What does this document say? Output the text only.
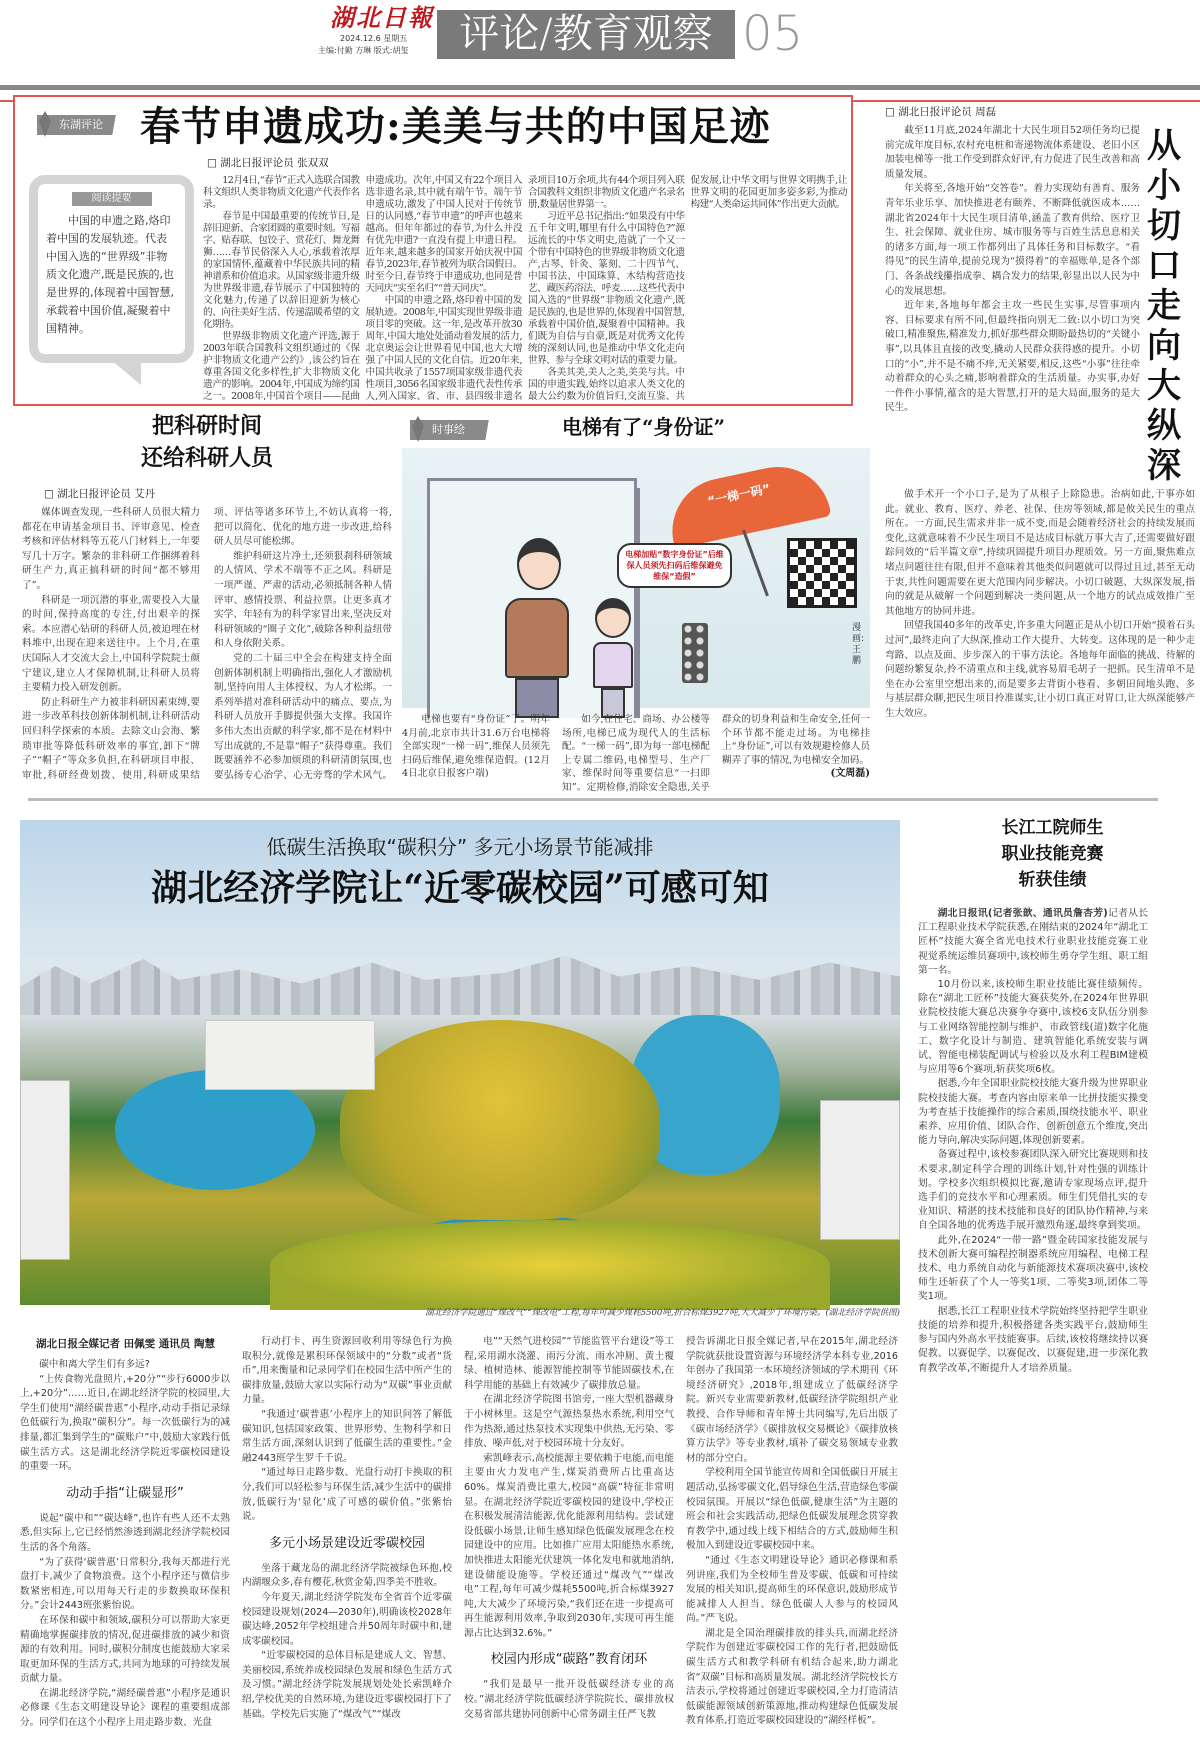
湖北日報
2024.12.6 星期五
主编:付勤 方琳 版式:胡玺	评论/教育观察 05
东湖评论 春节申遗成功:美美与共的中国足迹
阅读提要
中国的申遗之路,烙印着中国的发展轨迹。代表中国入选的“世界级”非物质文化遗产,既是民族的,也是世界的,体现着中国智慧,承载着中国价值,凝聚着中国精神。
□ 湖北日报评论员 张双双

12月4日,“春节”正式入选联合国教科文组织人类非物质文化遗产代表作名录。

春节是中国最重要的传统节日,是辞旧迎新、合家团圆的重要时刻。写福字、贴春联、包饺子、赏花灯、舞龙舞狮……春节民俗深入人心,承载着浓厚的家国情怀,蕴藏着中华民族共同的精神谱系和价值追求。从国家级非遗升级为世界级非遗,春节展示了中国独特的文化魅力,传递了以辞旧迎新为核心的、向往美好生活、传递温暖希望的文化期待。

世界级非物质文化遗产评选,源于2003年联合国教科文组织通过的《保护非物质文化遗产公约》,该公约旨在尊重各国文化多样性,扩大非物质文化遗产的影响。2004年,中国成为缔约国之一。2008年,中国首个项目——昆曲申遗成功。次年,中国又有22个项目入选非遗名录,其中就有端午节。端午节申遗成功,激发了中国人民对于传统节日的认同感,“春节申遗”的呼声也越来越高。但年年都过的春节,为什么并没有优先申遗?一直没有提上申遗日程。近年来,越来越多的国家开始庆祝中国春节,2023年,春节被列为联合国假日。时至今日,春节终于申遗成功,也同是普天同庆“实至名归”“普天同庆”。

中国的申遗之路,烙印着中国的发展轨迹。2008年,中国实现世界级非遗项目零的突破。这一年,是改革开放30周年,中国大地处处涌动着发展的活力,北京奥运会让世界看见中国,也大大增强了中国人民的文化自信。近20年来,中国共收录了1557项国家级非遗代表性项目,3056名国家级非遗代表性传承人,列入国家、省、市、县四级非遗名录项目10万余项,共有44个项目列入联合国教科文组织非物质文化遗产名录名册,数量居世界第一。

习近平总书记指出:“如果没有中华五千年文明,哪里有什么中国特色?”源远流长的中华文明史,造就了一个又一个带有中国特色的世界级非物质文化遗产,古琴、针灸、篆刻、二十四节气、中国书法、中国珠算、木结构营造技艺、藏医药浴法、呼麦……这些代表中国入选的“世界级”非物质文化遗产,既是民族的,也是世界的,体现着中国智慧,承载着中国价值,凝聚着中国精神。我们既为自信与自豪,既是对优秀文化传统的深刻认同,也是推动中华文化走向世界、参与全球文明对话的重要力量。

各美其美,美人之美,美美与共。中国的申遗实践,始终以追求人类文化的最大公约数为价值旨归,交流互鉴、共促发展,让中华文明与世界文明携手,让世界文明的花园更加多姿多彩,为推动构建“人类命运共同体”作出更大贡献。

□ 湖北日报评论员 周磊
从小切口走向大纵深

截至11月底,2024年湖北十大民生项目52项任务均已提前完成年度目标,农村充电桩和寄递物流体系建设、老旧小区加装电梯等一批工作受到群众好评,有力促进了民生改善和高质量发展。

年关将至,各地开始“交答卷”。着力实现幼有善育、服务青年乐业乐享、加快推进老有颐养、不断降低就医成本……湖北省2024年十大民生项目清单,涵盖了教育供给、医疗卫生、社会保障、就业住房、城市服务等与百姓生活息息相关的诸多方面,每一项工作都列出了具体任务和目标数字。“看得见”的民生清单,提前兑现为“摸得着”的幸福账单,是各个部门、各条战线攥指成拳、耦合发力的结果,彰显出以人民为中心的发展思想。

近年来,各地每年都会主攻一些民生实事,尽管事项内容、目标要求有所不同,但最终指向别无二致:以小切口为突破口,精准聚焦,精准发力,抓好那些群众期盼最热切的“关键小事”,以具体且直接的改变,撬动人民群众获得感的提升。小切口的“小”,并不是不痛不痒,无关紧要,相反,这些“小事”往往牵动着群众的心头之痛,影响着群众的生活质量。办实事,办好一件件小事情,蕴含的是大智慧,打开的是大局面,服务的是大民生。

做手术开一个小口子,是为了从根子上除隐患。治病如此,干事亦如此。就业、教育、医疗、养老、社保、住房等领域,都是攸关民生的重点所在。一方面,民生需求并非一成不变,而是会随着经济社会的持续发展而变化,这就意味着不少民生项目不是达成目标就万事大吉了,还需要做好跟踪问效的“后半篇文章”,持续巩固提升项目办理质效。另一方面,聚焦难点堵点问题往往有限,但并不意味着其他类似问题就可以得过且过,甚至无动于衷,共性问题需要在更大范围内同步解决。小切口破题、大纵深发展,指向的就是从破解一个问题到解决一类问题,从一个地方的试点成效推广至其他地方的协同并进。

回望我国40多年的改革史,许多重大问题正是从小切口开始“摸着石头过河”,最终走向了大纵深,推动工作大提升、大转变。这体现的是一种少走弯路、以点及面、步步深入的干事方法论。各地每年面临的挑战、待解的问题纷繁复杂,拎不清重点和主线,就容易眉毛胡子一把抓。民生清单不是坐在办公室里空想出来的,而是要多去背街小巷看、多朝田间地头跑、多与基层群众聊,把民生项目拎准谋实,让小切口真正对胃口,让大纵深能够产生大效应。

把科研时间
还给科研人员
□ 湖北日报评论员 艾丹

媒体调查发现,一些科研人员很大精力都花在申请基金项目书、评审意见、检查考核和评估材料等五花八门材料上,一年要写几十万字。繁杂的非科研工作捆绑着科研生产力,真正搞科研的时间“都不够用了”。

科研是一项沉潜的事业,需要投入大量的时间,保持高度的专注,付出艰辛的探索。本应潜心钻研的科研人员,被迫埋在材料堆中,出现在迎来送往中。上个月,在重庆国际人才交流大会上,中国科学院院士颜宁建议,建立人才保障机制,让科研人员将主要精力投入研发创新。

防止科研生产力被非科研因素束缚,要进一步改革科技创新体制机制,让科研活动回归科学探索的本质。去除文山会海、繁琐审批等降低科研效率的事宜,卸下“牌子”“帽子”等众多负担,在科研项目申报、审批,科研经费划拨、使用,科研成果结项、评估等诸多环节上,不妨认真将一将,把可以简化、优化的地方进一步改进,给科研人员尽可能松绑。

维护科研这片净土,还须狠刹科研领域的人情风、学术不端等不正之风。科研是一项严谨、严肃的活动,必须抵制各种人情评审、感情投票、利益拉票。让更多真才实学、年轻有为的科学家冒出来,坚决反对科研领域的“圈子文化”,破除各种利益纽带和人身依附关系。

党的二十届三中全会在构建支持全面创新体制机制上明确指出,强化人才激励机制,坚持向用人主体授权、为人才松绑。一系列举措对准科研活动中的痛点、要点,为科研人员放开手脚提供强大支撑。我国许多伟大杰出贡献的科学家,都不是在材料中写出成就的,不是靠“帽子”获得尊重。我们既要涵养不必参加烦琐的科研清朗氛围,也要弘扬专心治学、心无旁骛的学术风气。

时事绘	电梯有了“身份证”
“一梯一码”
电梯加贴“数字身份证”后维保人员须先扫码后维保避免维保“造假”
漫画:王鹏

电梯也要有“身份证”了。明年4月前,北京市共计31.6万台电梯将全部实现“一梯一码”,维保人员须先扫码后维保,避免维保造假。(12月4日北京日报客户端)

如今,在住宅、商场、办公楼等场所,电梯已成为现代人的生活标配。“一梯一码”,即为每一部电梯配上专属二维码,电梯型号、生产厂家、维保时间等重要信息“一扫即知”。定期检修,消除安全隐患,关乎群众的切身利益和生命安全,任何一个环节都不能走过场。为电梯挂上“身份证”,可以有效规避检修人员糊弄了事的情况,为电梯安全加码。

(文周磊)
低碳生活换取“碳积分” 多元小场景节能减排
湖北经济学院让“近零碳校园”可感可知
湖北经济学院通过“煤改气”“煤改电”工程,每年可减少煤耗5500吨,折合标煤3927吨,大大减少了环境污染。(湖北经济学院供图)
湖北日报全媒记者 田佩雯 通讯员 陶慧

碳中和离大学生们有多远?

“上传食物光盘照片,+20分”“步行6000步以上,+20分”……近日,在湖北经济学院的校园里,大学生们使用“湖经碳普惠”小程序,动动手指记录绿色低碳行为,换取“碳积分”。每一次低碳行为的减排量,都汇集到学生的“碳账户”中,鼓励大家践行低碳生活方式。这是湖北经济学院近零碳校园建设的重要一环。

动动手指“让碳显形”

说起“碳中和”“碳达峰”,也许有些人还不太熟悉,但实际上,它已经悄然渗透到湖北经济学院校园生活的各个角落。

“为了获得‘碳普惠’日常积分,我每天都进行光盘打卡,减少了食物浪费。这个小程序还与微信步数紧密相连,可以用每天行走的步数换取环保积分。”会计2443班张紫怡说。

在环保和碳中和领域,碳积分可以帮助大家更精确地掌握碳排放的情况,促进碳排放的减少和资源的有效利用。同时,碳积分制度也能鼓励大家采取更加环保的生活方式,共同为地球的可持续发展贡献力量。

在湖北经济学院,“湖经碳普惠”小程序是通识必修课《生态文明建设导论》课程的重要组成部分。同学们在这个小程序上用走路步数、光盘

行动打卡、再生资源回收利用等绿色行为换取积分,就像是累积环保领域中的“分数”或者“货币”,用来衡量和记录同学们在校园生活中所产生的碳排放量,鼓励大家以实际行动为“双碳”事业贡献力量。

“我通过‘碳普惠’小程序上的知识问答了解低碳知识,包括国家政策、世界形势、生物科学和日常生活方面,深刻认识到了低碳生活的重要性。”金融2443班学生罗千千说。

“通过每日走路步数、光盘行动打卡换取的积分,我们可以轻松参与环保生活,减少生活中的碳排放,低碳行为‘显化’成了可感的碳价值。”张紫怡说。

多元小场景建设近零碳校园

坐落于藏龙岛的湖北经济学院被绿色环抱,校内湖堰众多,春有樱花,秋赏金菊,四季美不胜收。

今年夏天,湖北经济学院发布全省首个近零碳校园建设规划(2024—2030年),明确该校2028年碳达峰,2052年学校组建合并50周年时碳中和,建成零碳校园。

“近零碳校园的总体目标是建成人文、智慧、美丽校园,系统养成校园绿色发展和绿色生活方式及习惯。”湖北经济学院发展规划处处长索凯峰介绍,学校优美的自然环境,为建设近零碳校园打下了基础。学校先后实施了“煤改气”“煤改

电”“天然气进校园”“节能监管平台建设”等工程,采用湖水浇灌、雨污分流、雨水冲厕、黄土覆绿、植树造林、能源智能控制等节能固碳技术,在科学用能的基础上有效减少了碳排放总量。

在湖北经济学院图书馆旁,一座大型机器藏身于小树林里。这是空气源热泵热水系统,利用空气作为热源,通过热泵技术实现集中供热,无污染、零排放、噪声低,对于校园环境十分友好。

索凯峰表示,高校能源主要依赖于电能,而电能主要由火力发电产生,煤炭消费所占比重高达60%。煤炭消费比重大,校园“高碳”特征非常明显。在湖北经济学院近零碳校园的建设中,学校正在积极发展清洁能源,优化能源利用结构。尝试建设低碳小场景,让师生感知绿色低碳发展理念在校园建设中的应用。比如推广应用太阳能热水系统,加快推进太阳能光伏建筑一体化发电和就地消纳,建设储能设施等。学校还通过“煤改气”“煤改电”工程,每年可减少煤耗5500吨,折合标煤3927吨,大大减少了环境污染,“我们还在进一步提高可再生能源利用效率,争取到2030年,实现可再生能源占比达到32.6%。”

校园内形成“碳路”教育闭环

“我们是最早一批开设低碳经济专业的高校。”湖北经济学院低碳经济学院院长、碳排放权交易省部共建协同创新中心常务副主任严飞教

授告诉湖北日报全媒记者,早在2015年,湖北经济学院就获批设置资源与环境经济学本科专业,2016年创办了我国第一本环境经济领域的学术期刊《环境经济研究》,2018年,组建成立了低碳经济学院。新兴专业需要新教材,低碳经济学院组织产业教授、合作导师和青年博士共同编写,先后出版了《碳市场经济学》《碳排放权交易概论》《碳排放核算方法学》等专业教材,填补了碳交易领域专业教材的部分空白。

学校利用全国节能宣传周和全国低碳日开展主题活动,弘扬零碳文化,倡导绿色生活,营造绿色零碳校园氛围。开展以“绿色低碳,健康生活”为主题的班会和社会实践活动,把绿色低碳发展理念贯穿教育教学中,通过线上线下相结合的方式,鼓励师生积极加入到建设近零碳校园中来。

“通过《生态文明建设导论》通识必修课和系列讲座,我们为全校师生普及零碳、低碳和可持续发展的相关知识,提高师生的环保意识,鼓励形成节能减排人人担当、绿色低碳人人参与的校园风尚。”严飞说。

湖北是全国治理碳排放的排头兵,而湖北经济学院作为创建近零碳校园工作的先行者,把鼓励低碳生活方式和教学科研有机结合起来,助力湖北省“双碳”目标和高质量发展。湖北经济学院校长方洁表示,学校将通过创建近零碳校园,全力打造清洁低碳能源领域创新策源地,推动构建绿色低碳发展教育体系,打造近零碳校园建设的“湖经样板”。

长江工院师生
职业技能竞赛
斩获佳绩

湖北日报讯(记者张歆、通讯员詹杏芳)记者从长江工程职业技术学院获悉,在刚结束的2024年“湖北工匠杯”技能大赛全省光电技术行业职业技能竞赛工业视觉系统运维员赛项中,该校师生勇夺学生组、职工组第一名。

10月份以来,该校师生职业技能比赛佳绩频传。除在“湖北工匠杯”技能大赛获奖外,在2024年世界职业院校技能大赛总决赛争夺赛中,该校6支队伍分别参与工业网络智能控制与维护、市政管线(道)数字化施工、数字化设计与制造、建筑智能化系统安装与调试、智能电梯装配调试与检验以及水利工程BIM建模与应用等6个赛项,斩获奖项6枚。

据悉,今年全国职业院校技能大赛升级为世界职业院校技能大赛。考查内容由原来单一比拼技能实操变为考查基于技能操作的综合素质,围绕技能水平、职业素养、应用价值、团队合作、创新创意五个维度,突出能力导向,解决实际问题,体现创新要素。

备赛过程中,该校参赛团队深入研究比赛规则和技术要求,制定科学合理的训练计划,针对性强的训练计划。学校多次组织模拟比赛,邀请专家现场点评,提升选手们的竞技水平和心理素质。师生们凭借扎实的专业知识、精湛的技术技能和良好的团队协作精神,与来自全国各地的优秀选手展开激烈角逐,最终拿到奖项。

此外,在2024“一带一路”暨金砖国家技能发展与技术创新大赛可编程控制器系统应用编程、电梯工程技术、电力系统自动化与新能源技术赛项决赛中,该校师生还斩获了个人一等奖1项、二等奖3项,团体二等奖1项。

据悉,长江工程职业技术学院始终坚持把学生职业技能的培养和提升,积极搭建各类实践平台,鼓励师生参与国内外高水平技能赛事。后续,该校将继续持以赛促教、以赛促学、以赛促改、以赛促建,进一步深化教育教学改革,不断提升人才培养质量。
